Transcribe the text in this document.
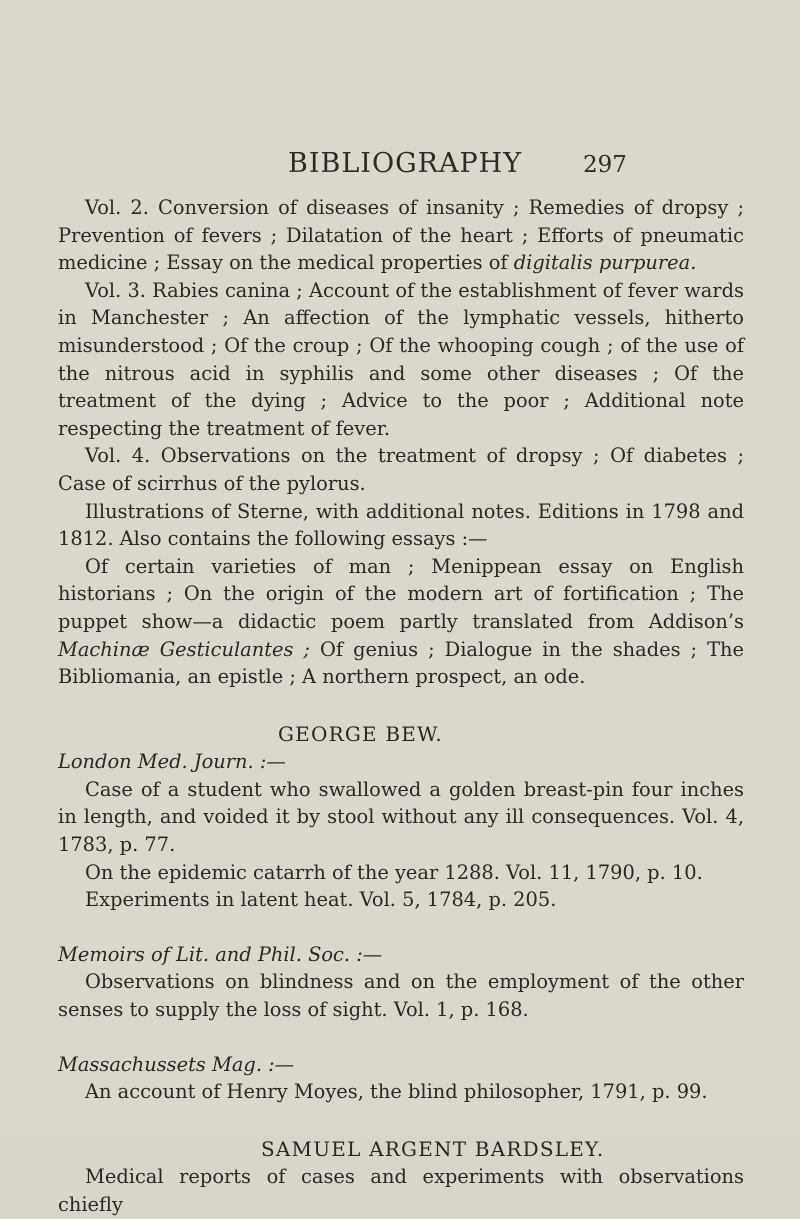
BIBLIOGRAPHY	297

Vol. 2. Conversion of diseases of insanity ; Remedies of dropsy ; Prevention of fevers ; Dilatation of the heart ; Efforts of pneumatic medicine ; Essay on the medical properties of digitalis purpurea.

Vol. 3. Rabies canina ; Account of the establishment of fever wards in Manchester ; An affection of the lymphatic vessels, hitherto misunderstood ; Of the croup ; Of the whooping cough ; of the use of the nitrous acid in syphilis and some other diseases ; Of the treatment of the dying ; Advice to the poor ; Additional note respecting the treatment of fever.

Vol. 4. Observations on the treatment of dropsy ; Of diabetes ; Case of scirrhus of the pylorus.

Illustrations of Sterne, with additional notes. Editions in 1798 and 1812. Also contains the following essays :—

Of certain varieties of man ; Menippean essay on English historians ; On the origin of the modern art of fortification ; The puppet show—a didactic poem partly translated from Addison’s Machinæ Gesticulantes ; Of genius ; Dialogue in the shades ; The Bibliomania, an epistle ; A northern prospect, an ode.

GEORGE BEW.

London Med. Journ. :—

Case of a student who swallowed a golden breast-pin four inches in length, and voided it by stool without any ill consequences. Vol. 4, 1783, p. 77.

On the epidemic catarrh of the year 1288. Vol. 11, 1790, p. 10.

Experiments in latent heat. Vol. 5, 1784, p. 205.

Memoirs of Lit. and Phil. Soc. :—

Observations on blindness and on the employment of the other senses to supply the loss of sight. Vol. 1, p. 168.

Massachussets Mag. :—

An account of Henry Moyes, the blind philosopher, 1791, p. 99.

SAMUEL ARGENT BARDSLEY.

Medical reports of cases and experiments with observations chiefly
